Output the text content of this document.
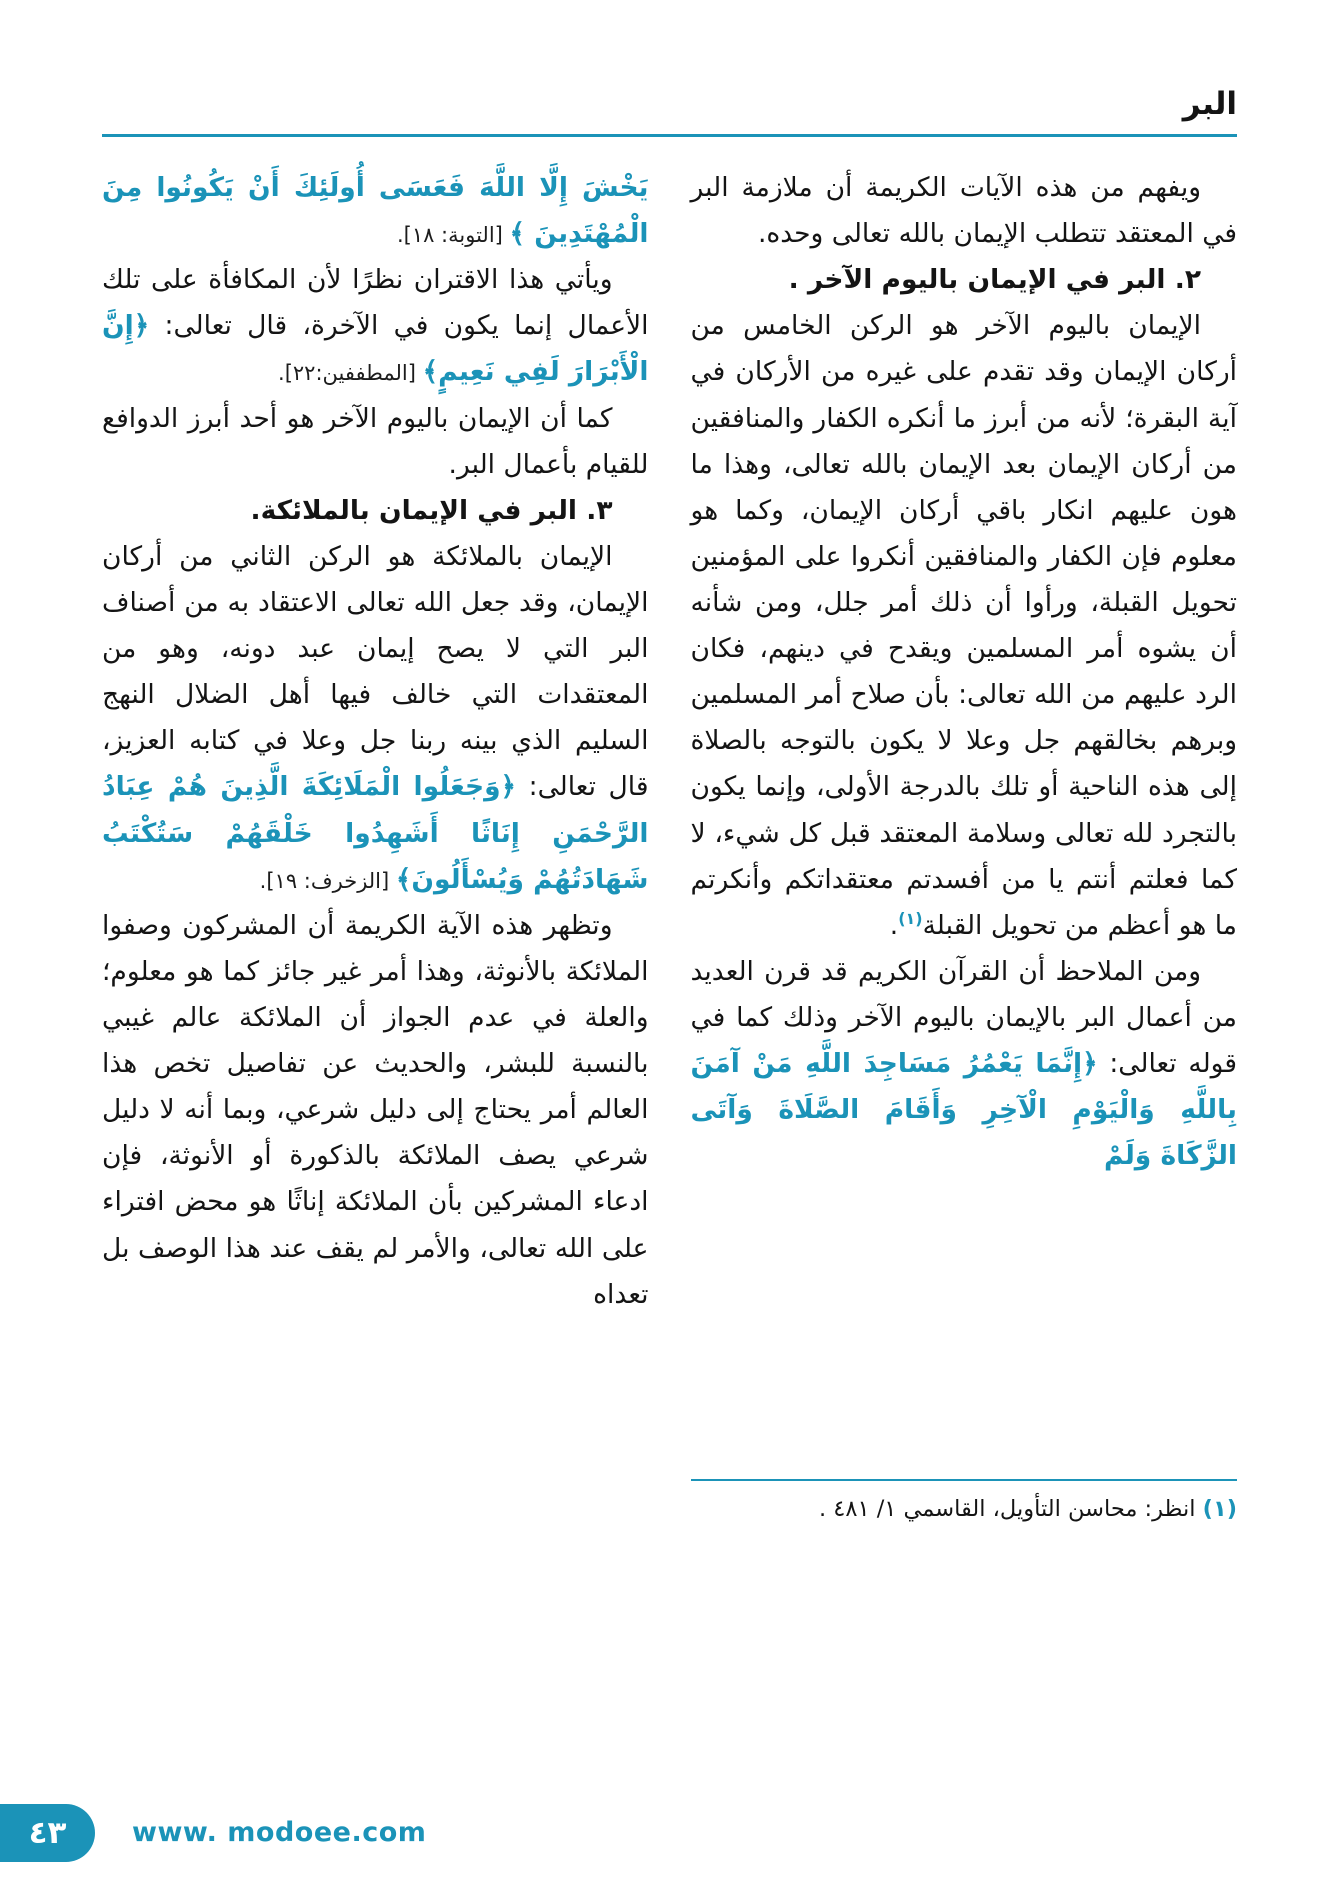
البر

ويفهم من هذه الآيات الكريمة أن ملازمة البر في المعتقد تتطلب الإيمان بالله تعالى وحده.

٢. البر في الإيمان باليوم الآخر .

الإيمان باليوم الآخر هو الركن الخامس من أركان الإيمان وقد تقدم على غيره من الأركان في آية البقرة؛ لأنه من أبرز ما أنكره الكفار والمنافقين من أركان الإيمان بعد الإيمان بالله تعالى، وهذا ما هون عليهم انكار باقي أركان الإيمان، وكما هو معلوم فإن الكفار والمنافقين أنكروا على المؤمنين تحويل القبلة، ورأوا أن ذلك أمر جلل، ومن شأنه أن يشوه أمر المسلمين ويقدح في دينهم، فكان الرد عليهم من الله تعالى: بأن صلاح أمر المسلمين وبرهم بخالقهم جل وعلا لا يكون بالتوجه بالصلاة إلى هذه الناحية أو تلك بالدرجة الأولى، وإنما يكون بالتجرد لله تعالى وسلامة المعتقد قبل كل شيء، لا كما فعلتم أنتم يا من أفسدتم معتقداتكم وأنكرتم ما هو أعظم من تحويل القبلة$^{(١)}$.

ومن الملاحظ أن القرآن الكريم قد قرن العديد من أعمال البر بالإيمان باليوم الآخر وذلك كما في قوله تعالى: ﴿إِنَّمَا يَعْمُرُ مَسَاجِدَ اللَّهِ مَنْ آمَنَ بِاللَّهِ وَالْيَوْمِ الْآخِرِ وَأَقَامَ الصَّلَاةَ وَآتَى الزَّكَاةَ وَلَمْ

(١) انظر: محاسن التأويل، القاسمي ١/ ٤٨١ .

يَخْشَ إِلَّا اللَّهَ فَعَسَى أُولَئِكَ أَنْ يَكُونُوا مِنَ الْمُهْتَدِينَ ﴾ [التوبة: ١٨].

ويأتي هذا الاقتران نظرًا لأن المكافأة على تلك الأعمال إنما يكون في الآخرة، قال تعالى: ﴿إِنَّ الْأَبْرَارَ لَفِي نَعِيمٍ﴾ [المطففين:٢٢].

كما أن الإيمان باليوم الآخر هو أحد أبرز الدوافع للقيام بأعمال البر.

٣. البر في الإيمان بالملائكة.

الإيمان بالملائكة هو الركن الثاني من أركان الإيمان، وقد جعل الله تعالى الاعتقاد به من أصناف البر التي لا يصح إيمان عبد دونه، وهو من المعتقدات التي خالف فيها أهل الضلال النهج السليم الذي بينه ربنا جل وعلا في كتابه العزيز، قال تعالى: ﴿وَجَعَلُوا الْمَلَائِكَةَ الَّذِينَ هُمْ عِبَادُ الرَّحْمَنِ إِنَاثًا أَشَهِدُوا خَلْقَهُمْ سَتُكْتَبُ شَهَادَتُهُمْ وَيُسْأَلُونَ﴾ [الزخرف: ١٩].

وتظهر هذه الآية الكريمة أن المشركون وصفوا الملائكة بالأنوثة، وهذا أمر غير جائز كما هو معلوم؛ والعلة في عدم الجواز أن الملائكة عالم غيبي بالنسبة للبشر، والحديث عن تفاصيل تخص هذا العالم أمر يحتاج إلى دليل شرعي، وبما أنه لا دليل شرعي يصف الملائكة بالذكورة أو الأنوثة، فإن ادعاء المشركين بأن الملائكة إناثًا هو محض افتراء على الله تعالى، والأمر لم يقف عند هذا الوصف بل تعداه

٤٣	www. modoee.com
